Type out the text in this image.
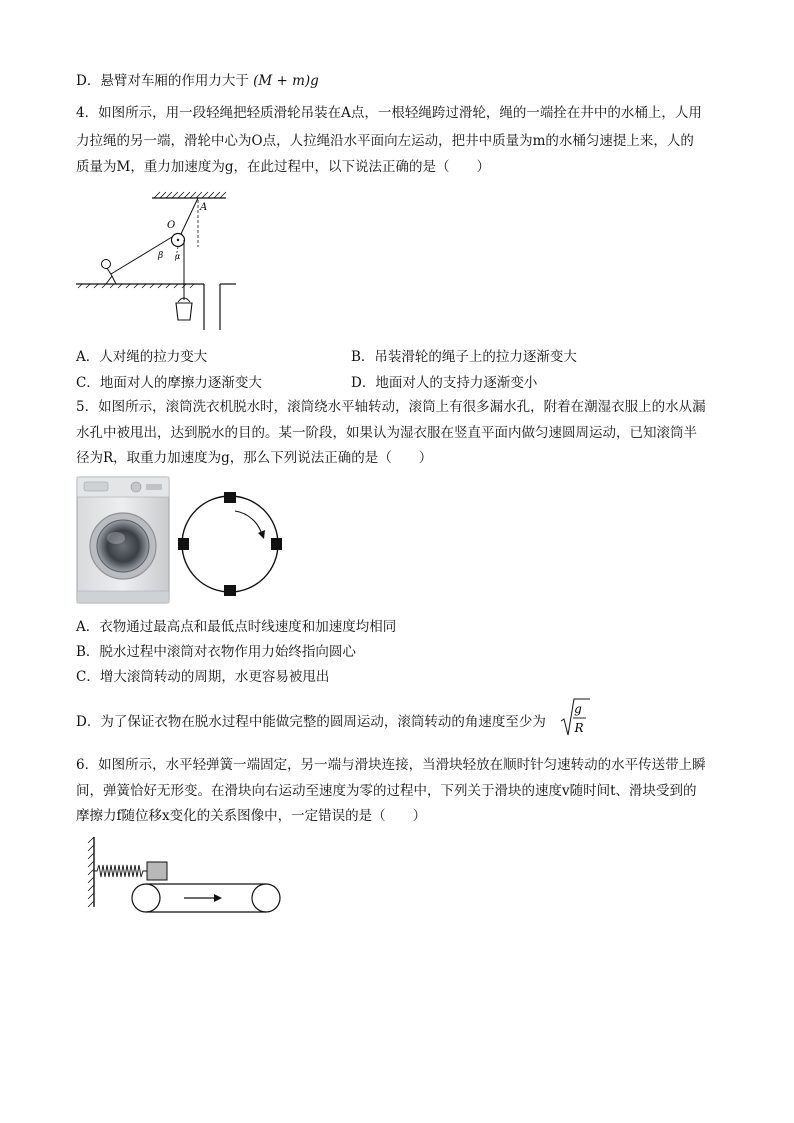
D．悬臂对车厢的作用力大于 (M + m)g
4．如图所示，用一段轻绳把轻质滑轮吊装在A点，一根轻绳跨过滑轮，绳的一端拴在井中的水桶上，人用
力拉绳的另一端，滑轮中心为O点，人拉绳沿水平面向左运动，把井中质量为m的水桶匀速提上来，人的
质量为M，重力加速度为g，在此过程中，以下说法正确的是（　　）
A
O
β α
A．人对绳的拉力变大	B．吊装滑轮的绳子上的拉力逐渐变大
C．地面对人的摩擦力逐渐变大	D．地面对人的支持力逐渐变小
5．如图所示，滚筒洗衣机脱水时，滚筒绕水平轴转动，滚筒上有很多漏水孔，附着在潮湿衣服上的水从漏
水孔中被甩出，达到脱水的目的。某一阶段，如果认为湿衣服在竖直平面内做匀速圆周运动，已知滚筒半
径为R，取重力加速度为g，那么下列说法正确的是（　　）
A．衣物通过最高点和最低点时线速度和加速度均相同
B．脱水过程中滚筒对衣物作用力始终指向圆心
C．增大滚筒转动的周期，水更容易被甩出
D．为了保证衣物在脱水过程中能做完整的圆周运动，滚筒转动的角速度至少为
g
R
6．如图所示，水平轻弹簧一端固定，另一端与滑块连接，当滑块轻放在顺时针匀速转动的水平传送带上瞬
间，弹簧恰好无形变。在滑块向右运动至速度为零的过程中，下列关于滑块的速度v随时间t、滑块受到的
摩擦力f随位移x变化的关系图像中，一定错误的是（　　）
